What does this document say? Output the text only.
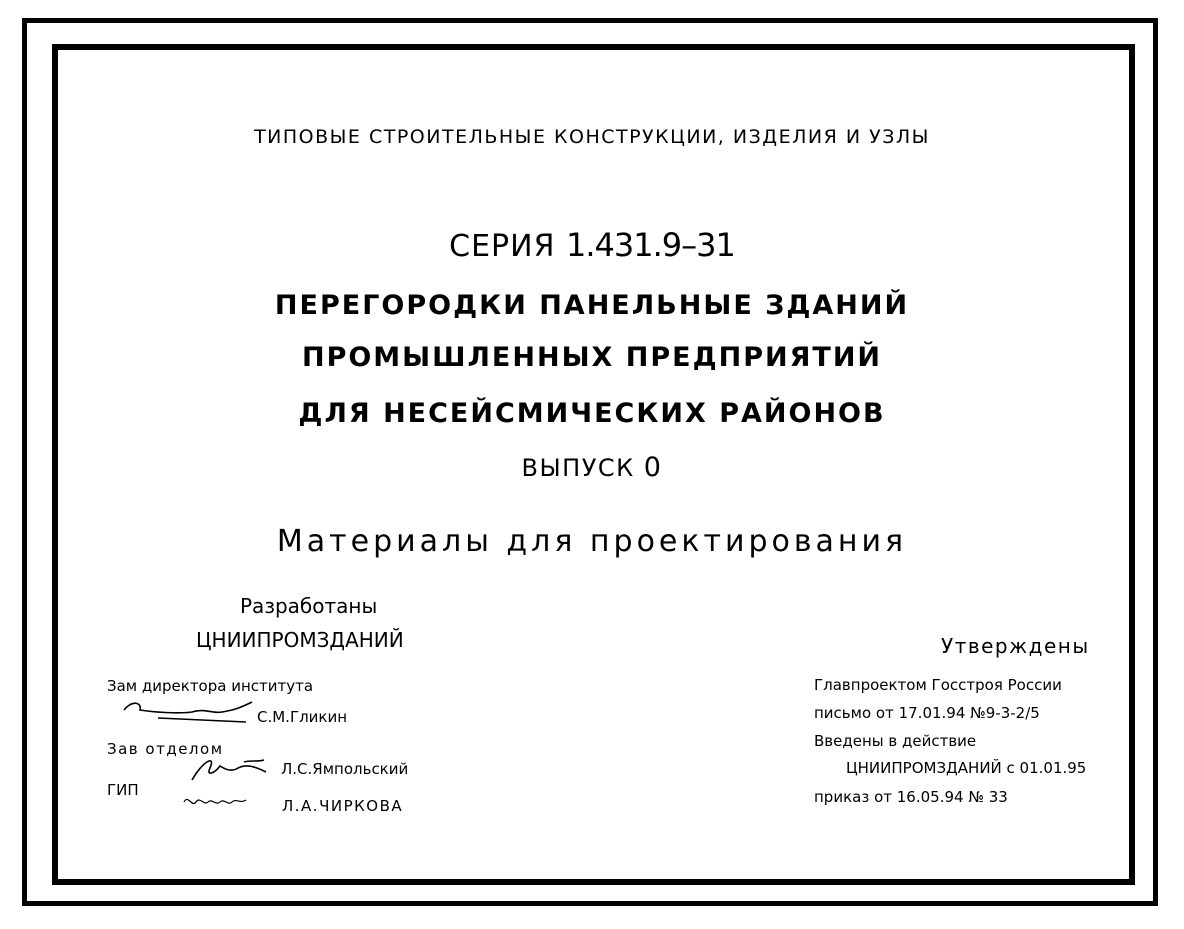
ТИПОВЫЕ СТРОИТЕЛЬНЫЕ КОНСТРУКЦИИ, ИЗДЕЛИЯ И УЗЛЫ
СЕРИЯ 1.431.9–31
ПЕРЕГОРОДКИ ПАНЕЛЬНЫЕ ЗДАНИЙ
ПРОМЫШЛЕННЫХ ПРЕДПРИЯТИЙ
ДЛЯ НЕСЕЙСМИЧЕСКИХ РАЙОНОВ
ВЫПУСК 0
Материалы для проектирования
Разработаны
ЦНИИПРОМЗДАНИЙ
Зам директора института
С.М.Гликин
Зав отделом
Л.С.Ямпольский
ГИП
Л.А.ЧИРКОВА
Утверждены
Главпроектом Госстроя России
письмо от 17.01.94 №9-3-2/5
Введены в действие
ЦНИИПРОМЗДАНИЙ с 01.01.95
приказ от 16.05.94 № 33
